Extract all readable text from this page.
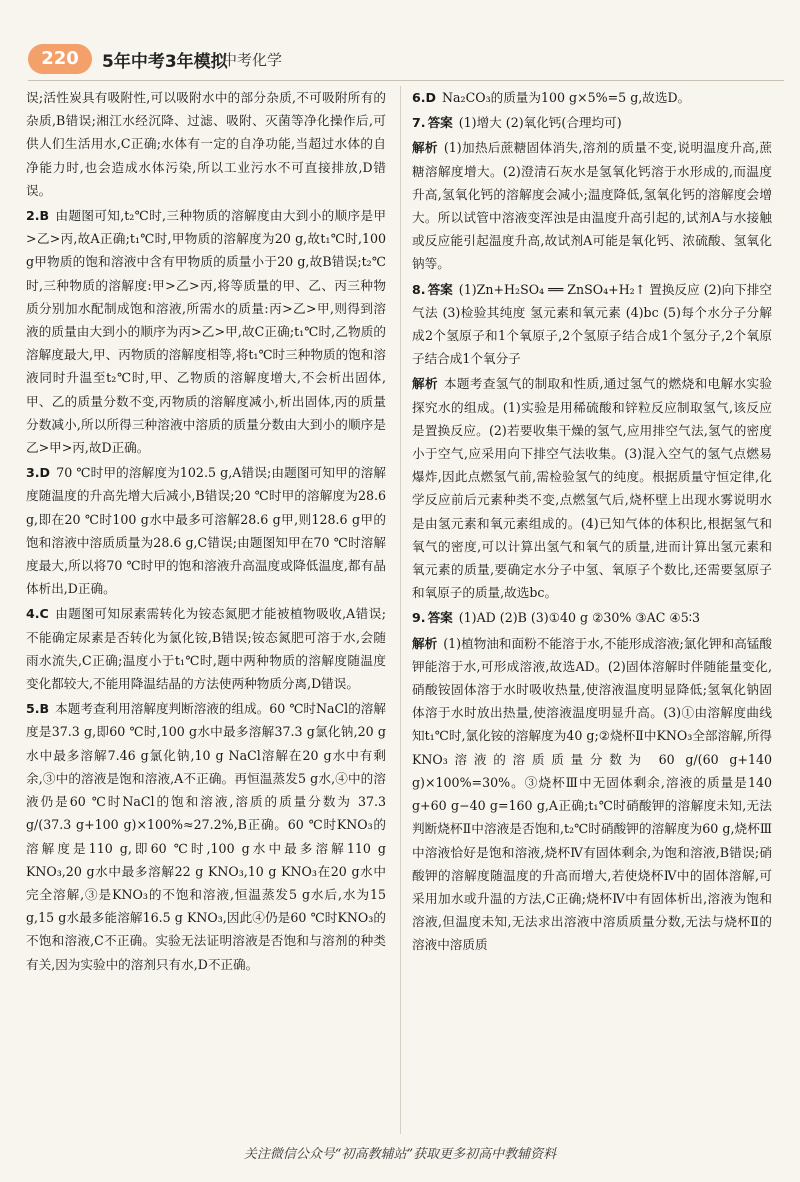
220	5年中考3年模拟
中考化学

误;活性炭具有吸附性,可以吸附水中的部分杂质,不可吸附所有的杂质,B错误;湘江水经沉降、过滤、吸附、灭菌等净化操作后,可供人们生活用水,C正确;水体有一定的自净功能,当超过水体的自净能力时,也会造成水体污染,所以工业污水不可直接排放,D错误。

2.B 由题图可知,t₂℃时,三种物质的溶解度由大到小的顺序是甲>乙>丙,故A正确;t₁℃时,甲物质的溶解度为20 g,故t₁℃时,100 g甲物质的饱和溶液中含有甲物质的质量小于20 g,故B错误;t₂℃时,三种物质的溶解度:甲>乙>丙,将等质量的甲、乙、丙三种物质分别加水配制成饱和溶液,所需水的质量:丙>乙>甲,则得到溶液的质量由大到小的顺序为丙>乙>甲,故C正确;t₁℃时,乙物质的溶解度最大,甲、丙物质的溶解度相等,将t₁℃时三种物质的饱和溶液同时升温至t₂℃时,甲、乙物质的溶解度增大,不会析出固体,甲、乙的质量分数不变,丙物质的溶解度减小,析出固体,丙的质量分数减小,所以所得三种溶液中溶质的质量分数由大到小的顺序是乙>甲>丙,故D正确。

3.D 70 ℃时甲的溶解度为102.5 g,A错误;由题图可知甲的溶解度随温度的升高先增大后减小,B错误;20 ℃时甲的溶解度为28.6 g,即在20 ℃时100 g水中最多可溶解28.6 g甲,则128.6 g甲的饱和溶液中溶质质量为28.6 g,C错误;由题图知甲在70 ℃时溶解度最大,所以将70 ℃时甲的饱和溶液升高温度或降低温度,都有晶体析出,D正确。

4.C 由题图可知尿素需转化为铵态氮肥才能被植物吸收,A错误;不能确定尿素是否转化为氯化铵,B错误;铵态氮肥可溶于水,会随雨水流失,C正确;温度小于t₁℃时,题中两种物质的溶解度随温度变化都较大,不能用降温结晶的方法使两种物质分离,D错误。

5.B 本题考查利用溶解度判断溶液的组成。60 ℃时NaCl的溶解度是37.3 g,即60 ℃时,100 g水中最多溶解37.3 g氯化钠,20 g水中最多溶解7.46 g氯化钠,10 g NaCl溶解在20 g水中有剩余,③中的溶液是饱和溶液,A不正确。再恒温蒸发5 g水,④中的溶液仍是60 ℃时NaCl的饱和溶液,溶质的质量分数为 37.3 g/(37.3 g+100 g)×100%≈27.2%,B正确。60 ℃时KNO₃的溶解度是110 g,即60 ℃时,100 g水中最多溶解110 g KNO₃,20 g水中最多溶解22 g KNO₃,10 g KNO₃在20 g水中完全溶解,③是KNO₃的不饱和溶液,恒温蒸发5 g水后,水为15 g,15 g水最多能溶解16.5 g KNO₃,因此④仍是60 ℃时KNO₃的不饱和溶液,C不正确。实验无法证明溶液是否饱和与溶剂的种类有关,因为实验中的溶剂只有水,D不正确。

6.D Na₂CO₃的质量为100 g×5%=5 g,故选D。

7. 答案 (1)增大 (2)氧化钙(合理均可)

解析 (1)加热后蔗糖固体消失,溶剂的质量不变,说明温度升高,蔗糖溶解度增大。(2)澄清石灰水是氢氧化钙溶于水形成的,而温度升高,氢氧化钙的溶解度会减小;温度降低,氢氧化钙的溶解度会增大。所以试管中溶液变浑浊是由温度升高引起的,试剂A与水接触或反应能引起温度升高,故试剂A可能是氧化钙、浓硫酸、氢氧化钠等。

8. 答案 (1)Zn+H₂SO₄ ══ ZnSO₄+H₂↑ 置换反应 (2)向下排空气法 (3)检验其纯度 氢元素和氧元素 (4)bc (5)每个水分子分解成2个氢原子和1个氧原子,2个氢原子结合成1个氢分子,2个氧原子结合成1个氧分子

解析 本题考查氢气的制取和性质,通过氢气的燃烧和电解水实验探究水的组成。(1)实验是用稀硫酸和锌粒反应制取氢气,该反应是置换反应。(2)若要收集干燥的氢气,应用排空气法,氢气的密度小于空气,应采用向下排空气法收集。(3)混入空气的氢气点燃易爆炸,因此点燃氢气前,需检验氢气的纯度。根据质量守恒定律,化学反应前后元素种类不变,点燃氢气后,烧杯壁上出现水雾说明水是由氢元素和氧元素组成的。(4)已知气体的体积比,根据氢气和氧气的密度,可以计算出氢气和氧气的质量,进而计算出氢元素和氧元素的质量,要确定水分子中氢、氧原子个数比,还需要氢原子和氧原子的质量,故选bc。

9. 答案 (1)AD (2)B (3)①40 g ②30% ③AC ④5∶3

解析 (1)植物油和面粉不能溶于水,不能形成溶液;氯化钾和高锰酸钾能溶于水,可形成溶液,故选AD。(2)固体溶解时伴随能量变化,硝酸铵固体溶于水时吸收热量,使溶液温度明显降低;氢氧化钠固体溶于水时放出热量,使溶液温度明显升高。(3)①由溶解度曲线知t₁℃时,氯化铵的溶解度为40 g;②烧杯Ⅱ中KNO₃全部溶解,所得KNO₃溶液的溶质质量分数为 60 g/(60 g+140 g)×100%=30%。③烧杯Ⅲ中无固体剩余,溶液的质量是140 g+60 g−40 g=160 g,A正确;t₁℃时硝酸钾的溶解度未知,无法判断烧杯Ⅱ中溶液是否饱和,t₂℃时硝酸钾的溶解度为60 g,烧杯Ⅲ中溶液恰好是饱和溶液,烧杯Ⅳ有固体剩余,为饱和溶液,B错误;硝酸钾的溶解度随温度的升高而增大,若使烧杯Ⅳ中的固体溶解,可采用加水或升温的方法,C正确;烧杯Ⅳ中有固体析出,溶液为饱和溶液,但温度未知,无法求出溶液中溶质质量分数,无法与烧杯Ⅱ的溶液中溶质质

关注微信公众号“初高教辅站”获取更多初高中教辅资料
